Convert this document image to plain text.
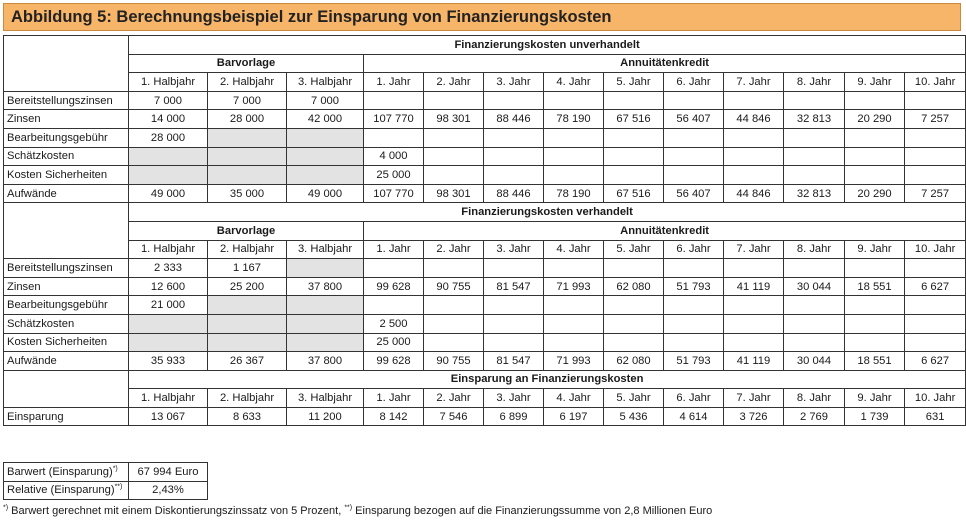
Abbildung 5: Berechnungsbeispiel zur Einsparung von Finanzierungskosten
	Finanzierungskosten unverhandelt												
	Barvorlage			Annuitätenkredit									
	1. Halbjahr	2. Halbjahr	3. Halbjahr	1. Jahr	2. Jahr	3. Jahr	4. Jahr	5. Jahr	6. Jahr	7. Jahr	8. Jahr	9. Jahr	10. Jahr
Bereitstellungszinsen	7 000	7 000	7 000										
Zinsen	14 000	28 000	42 000	107 770	98 301	88 446	78 190	67 516	56 407	44 846	32 813	20 290	7 257
Bearbeitungsgebühr	28 000												
Schätzkosten				4 000									
Kosten Sicherheiten				25 000									
Aufwände	49 000	35 000	49 000	107 770	98 301	88 446	78 190	67 516	56 407	44 846	32 813	20 290	7 257
	Finanzierungskosten verhandelt												
	Barvorlage			Annuitätenkredit									
	1. Halbjahr	2. Halbjahr	3. Halbjahr	1. Jahr	2. Jahr	3. Jahr	4. Jahr	5. Jahr	6. Jahr	7. Jahr	8. Jahr	9. Jahr	10. Jahr
Bereitstellungszinsen	2 333	1 167											
Zinsen	12 600	25 200	37 800	99 628	90 755	81 547	71 993	62 080	51 793	41 119	30 044	18 551	6 627
Bearbeitungsgebühr	21 000												
Schätzkosten				2 500									
Kosten Sicherheiten				25 000									
Aufwände	35 933	26 367	37 800	99 628	90 755	81 547	71 993	62 080	51 793	41 119	30 044	18 551	6 627
	Einsparung an Finanzierungskosten												
	1. Halbjahr	2. Halbjahr	3. Halbjahr	1. Jahr	2. Jahr	3. Jahr	4. Jahr	5. Jahr	6. Jahr	7. Jahr	8. Jahr	9. Jahr	10. Jahr
Einsparung	13 067	8 633	11 200	8 142	7 546	6 899	6 197	5 436	4 614	3 726	2 769	1 739	631
Barwert (Einsparung)*)	67 994 Euro
Relative (Einsparung)**)	2,43%
*) Barwert gerechnet mit einem Diskontierungszinssatz von 5 Prozent, **) Einsparung bezogen auf die Finanzierungssumme von 2,8 Millionen Euro
